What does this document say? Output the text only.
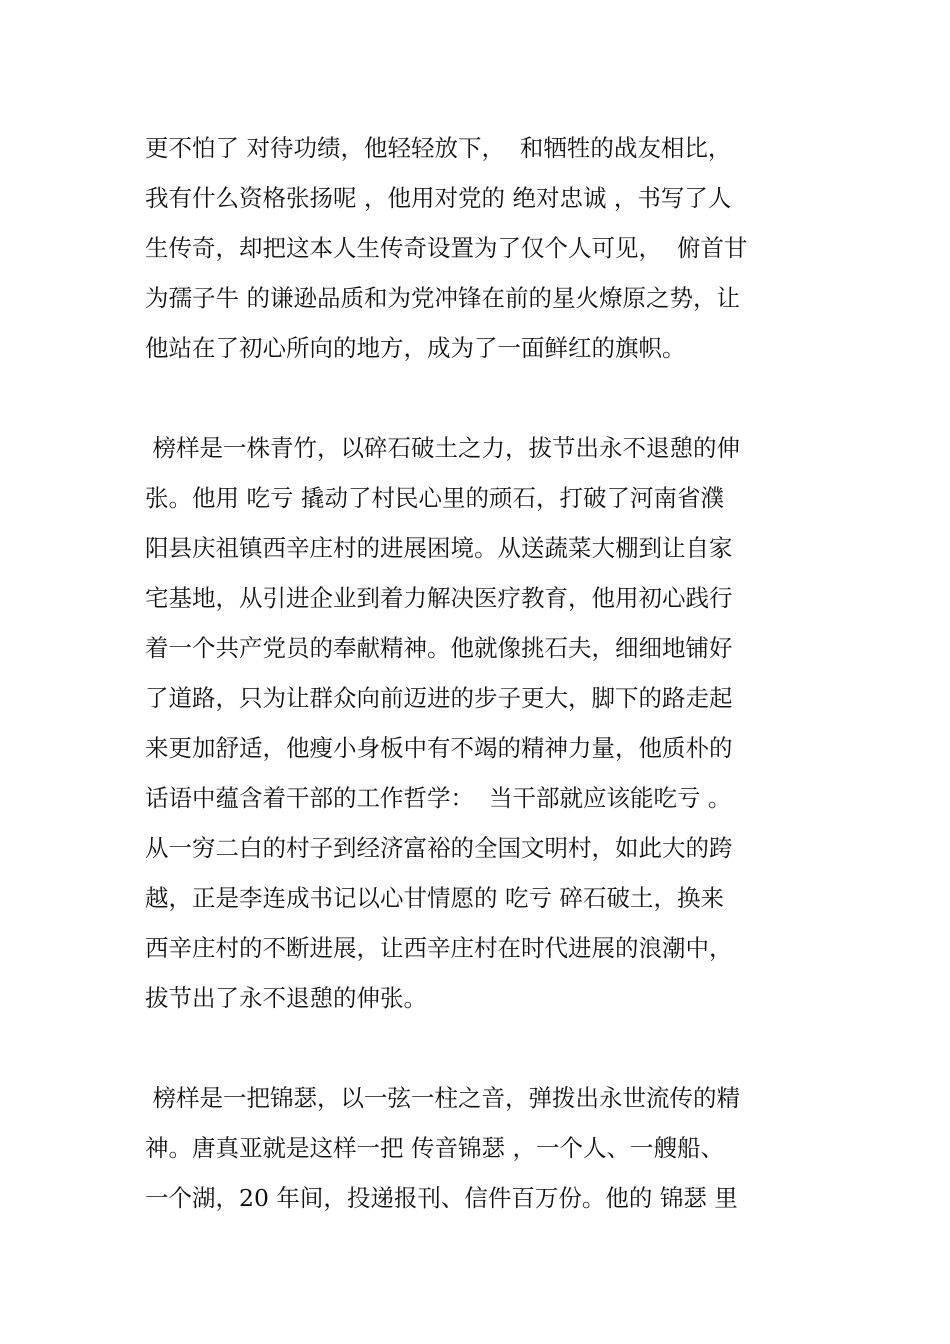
更不怕了 对待功绩，他轻轻放下，  和牺牲的战友相比，
我有什么资格张扬呢 ，他用对党的 绝对忠诚 ，书写了人
生传奇，却把这本人生传奇设置为了仅个人可见，  俯首甘
为孺子牛 的谦逊品质和为党冲锋在前的星火燎原之势，让
他站在了初心所向的地方，成为了一面鲜红的旗帜。
榜样是一株青竹，以碎石破土之力，拔节出永不退憩的伸
张。他用 吃亏 撬动了村民心里的顽石，打破了河南省濮
阳县庆祖镇西辛庄村的进展困境。从送蔬菜大棚到让自家
宅基地，从引进企业到着力解决医疗教育，他用初心践行
着一个共产党员的奉献精神。他就像挑石夫，细细地铺好
了道路，只为让群众向前迈进的步子更大，脚下的路走起
来更加舒适，他瘦小身板中有不竭的精神力量，他质朴的
话语中蕴含着干部的工作哲学：  当干部就应该能吃亏 。
从一穷二白的村子到经济富裕的全国文明村，如此大的跨
越，正是李连成书记以心甘情愿的 吃亏 碎石破土，换来
西辛庄村的不断进展，让西辛庄村在时代进展的浪潮中，
拔节出了永不退憩的伸张。
榜样是一把锦瑟，以一弦一柱之音，弹拨出永世流传的精
神。唐真亚就是这样一把 传音锦瑟 ，一个人、一艘船、
一个湖，20 年间，投递报刊、信件百万份。他的 锦瑟 里
